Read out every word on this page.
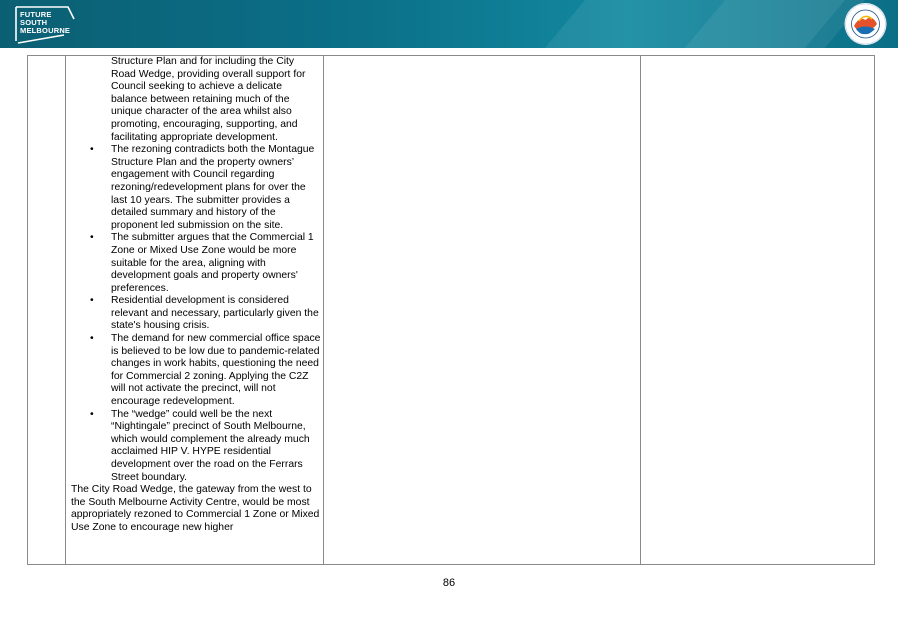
FUTURE
SOUTH
MELBOURNE

Structure Plan and for including the City Road Wedge, providing overall support for Council seeking to achieve a delicate balance between retaining much of the unique character of the area whilst also promoting, encouraging, supporting, and facilitating appropriate development.

• The rezoning contradicts both the Montague Structure Plan and the property owners’ engagement with Council regarding rezoning/redevelopment plans for over the last 10 years. The submitter provides a detailed summary and history of the proponent led submission on the site.
• The submitter argues that the Commercial 1 Zone or Mixed Use Zone would be more suitable for the area, aligning with development goals and property owners' preferences.
• Residential development is considered relevant and necessary, particularly given the state's housing crisis.
• The demand for new commercial office space is believed to be low due to pandemic-related changes in work habits, questioning the need for Commercial 2 zoning. Applying the C2Z will not activate the precinct, will not encourage redevelopment.
• The “wedge” could well be the next “Nightingale” precinct of South Melbourne, which would complement the already much acclaimed HIP V. HYPE residential development over the road on the Ferrars Street boundary.

The City Road Wedge, the gateway from the west to the South Melbourne Activity Centre, would be most appropriately rezoned to Commercial 1 Zone or Mixed Use Zone to encourage new higher

86
